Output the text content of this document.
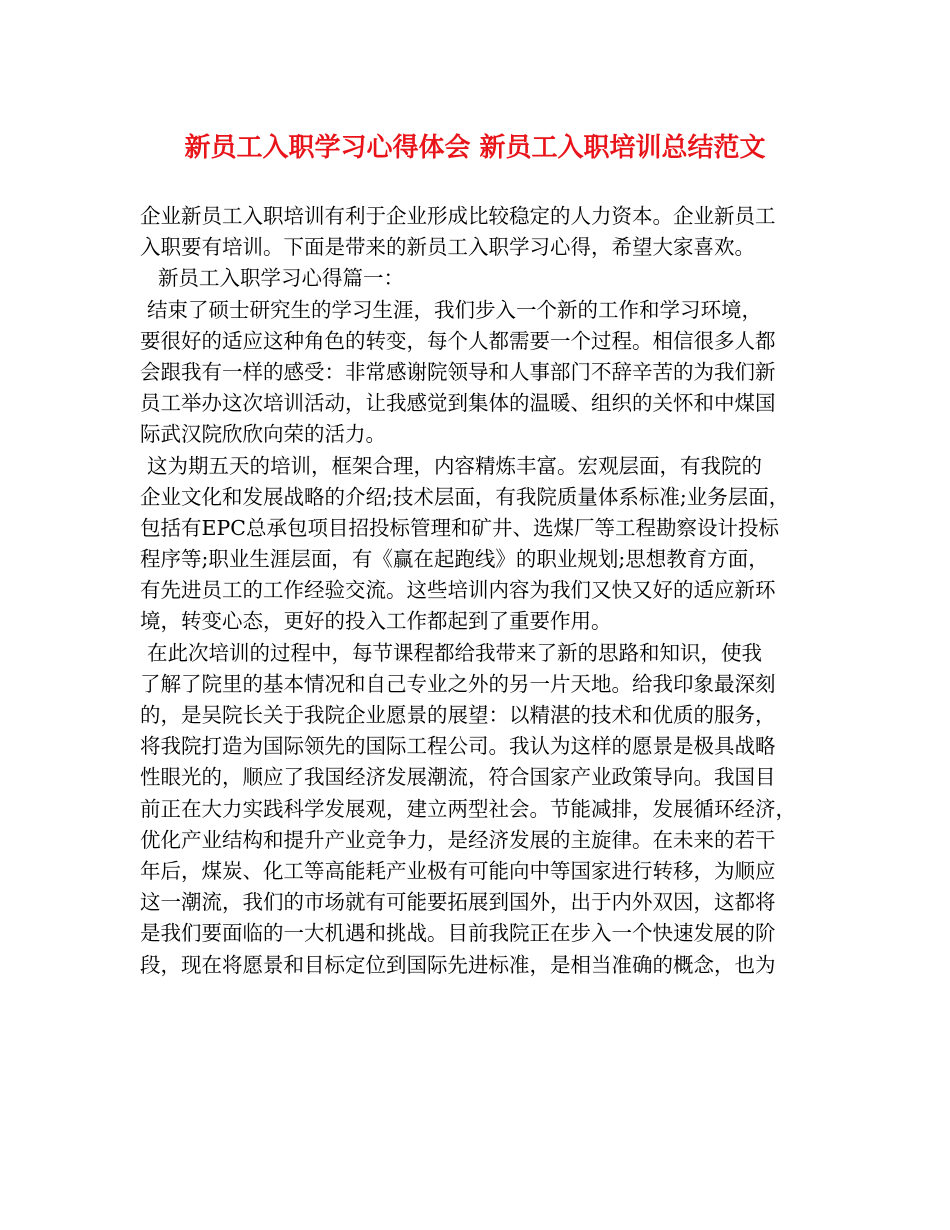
新员工入职学习心得体会 新员工入职培训总结范文
企业新员工入职培训有利于企业形成比较稳定的人力资本。企业新员工
入职要有培训。下面是带来的新员工入职学习心得，希望大家喜欢。
新员工入职学习心得篇一：
结束了硕士研究生的学习生涯，我们步入一个新的工作和学习环境，
要很好的适应这种角色的转变，每个人都需要一个过程。相信很多人都
会跟我有一样的感受：非常感谢院领导和人事部门不辞辛苦的为我们新
员工举办这次培训活动，让我感觉到集体的温暖、组织的关怀和中煤国
际武汉院欣欣向荣的活力。
这为期五天的培训，框架合理，内容精炼丰富。宏观层面，有我院的
企业文化和发展战略的介绍;技术层面，有我院质量体系标准;业务层面，
包括有EPC总承包项目招投标管理和矿井、选煤厂等工程勘察设计投标
程序等;职业生涯层面，有《赢在起跑线》的职业规划;思想教育方面，
有先进员工的工作经验交流。这些培训内容为我们又快又好的适应新环
境，转变心态，更好的投入工作都起到了重要作用。
在此次培训的过程中，每节课程都给我带来了新的思路和知识，使我
了解了院里的基本情况和自己专业之外的另一片天地。给我印象最深刻
的，是吴院长关于我院企业愿景的展望：以精湛的技术和优质的服务，
将我院打造为国际领先的国际工程公司。我认为这样的愿景是极具战略
性眼光的，顺应了我国经济发展潮流，符合国家产业政策导向。我国目
前正在大力实践科学发展观，建立两型社会。节能减排，发展循环经济，
优化产业结构和提升产业竞争力，是经济发展的主旋律。在未来的若干
年后，煤炭、化工等高能耗产业极有可能向中等国家进行转移，为顺应
这一潮流，我们的市场就有可能要拓展到国外，出于内外双因，这都将
是我们要面临的一大机遇和挑战。目前我院正在步入一个快速发展的阶
段，现在将愿景和目标定位到国际先进标准，是相当准确的概念，也为
